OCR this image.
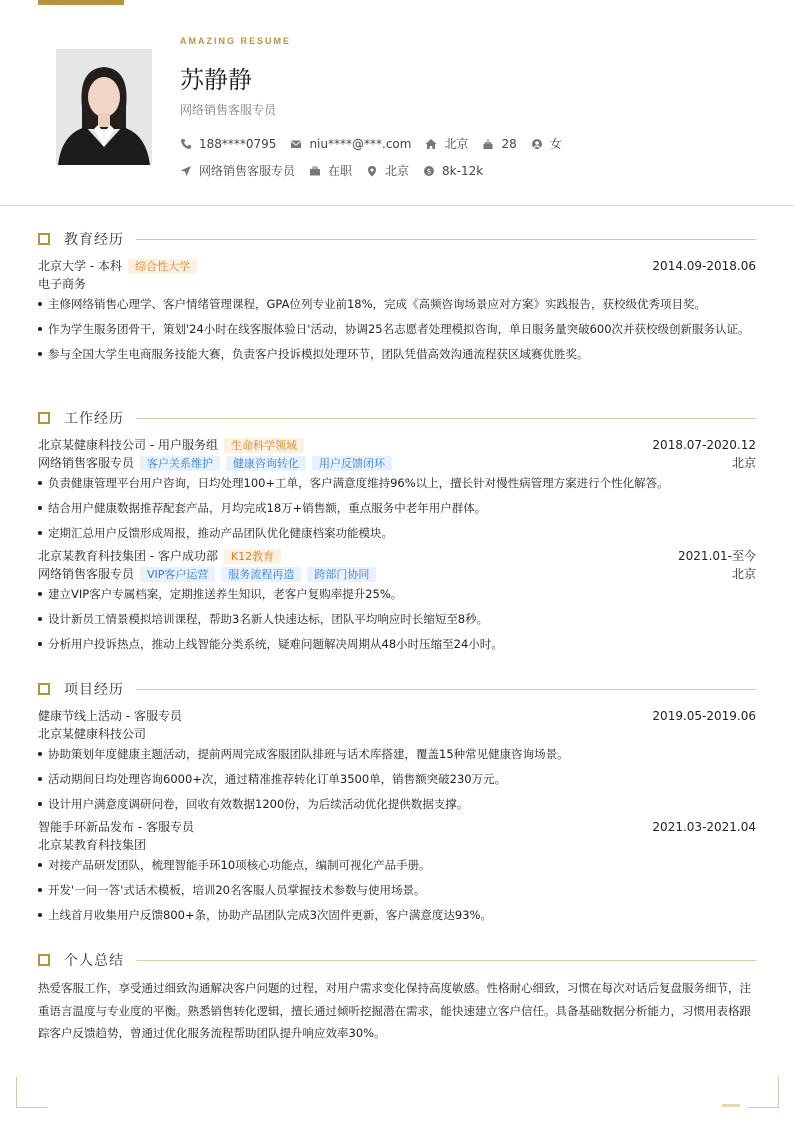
AMAZING RESUME
苏静静
网络销售客服专员
188****0795	niu****@***.com	北京	28	女
网络销售客服专员	在职	北京	$ 8k-12k
教育经历
北京大学 - 本科	综合性大学	2014.09-2018.06
电子商务
主修网络销售心理学、客户情绪管理课程，GPA位列专业前18%，完成《高频咨询场景应对方案》实践报告，获校级优秀项目奖。
作为学生服务团骨干，策划'24小时在线客服体验日'活动，协调25名志愿者处理模拟咨询，单日服务量突破600次并获校级创新服务认证。
参与全国大学生电商服务技能大赛，负责客户投诉模拟处理环节，团队凭借高效沟通流程获区域赛优胜奖。
工作经历
北京某健康科技公司 - 用户服务组	生命科学领域	2018.07-2020.12
网络销售客服专员	客户关系维护	健康咨询转化	用户反馈闭环	北京
负责健康管理平台用户咨询，日均处理100+工单，客户满意度维持96%以上，擅长针对慢性病管理方案进行个性化解答。
结合用户健康数据推荐配套产品，月均完成18万+销售额，重点服务中老年用户群体。
定期汇总用户反馈形成周报，推动产品团队优化健康档案功能模块。
北京某教育科技集团 - 客户成功部	K12教育	2021.01-至今
网络销售客服专员	VIP客户运营	服务流程再造	跨部门协同	北京
建立VIP客户专属档案，定期推送养生知识，老客户复购率提升25%。
设计新员工情景模拟培训课程，帮助3名新人快速达标，团队平均响应时长缩短至8秒。
分析用户投诉热点，推动上线智能分类系统，疑难问题解决周期从48小时压缩至24小时。
项目经历
健康节线上活动 - 客服专员	2019.05-2019.06
北京某健康科技公司
协助策划年度健康主题活动，提前两周完成客服团队排班与话术库搭建，覆盖15种常见健康咨询场景。
活动期间日均处理咨询6000+次，通过精准推荐转化订单3500单，销售额突破230万元。
设计用户满意度调研问卷，回收有效数据1200份，为后续活动优化提供数据支撑。
智能手环新品发布 - 客服专员	2021.03-2021.04
北京某教育科技集团
对接产品研发团队，梳理智能手环10项核心功能点，编制可视化产品手册。
开发'一问一答'式话术模板，培训20名客服人员掌握技术参数与使用场景。
上线首月收集用户反馈800+条，协助产品团队完成3次固件更新，客户满意度达93%。
个人总结
热爱客服工作，享受通过细致沟通解决客户问题的过程，对用户需求变化保持高度敏感。性格耐心细致，习惯在每次对话后复盘服务细节，注重语言温度与专业度的平衡。熟悉销售转化逻辑，擅长通过倾听挖掘潜在需求，能快速建立客户信任。具备基础数据分析能力，习惯用表格跟踪客户反馈趋势，曾通过优化服务流程帮助团队提升响应效率30%。
